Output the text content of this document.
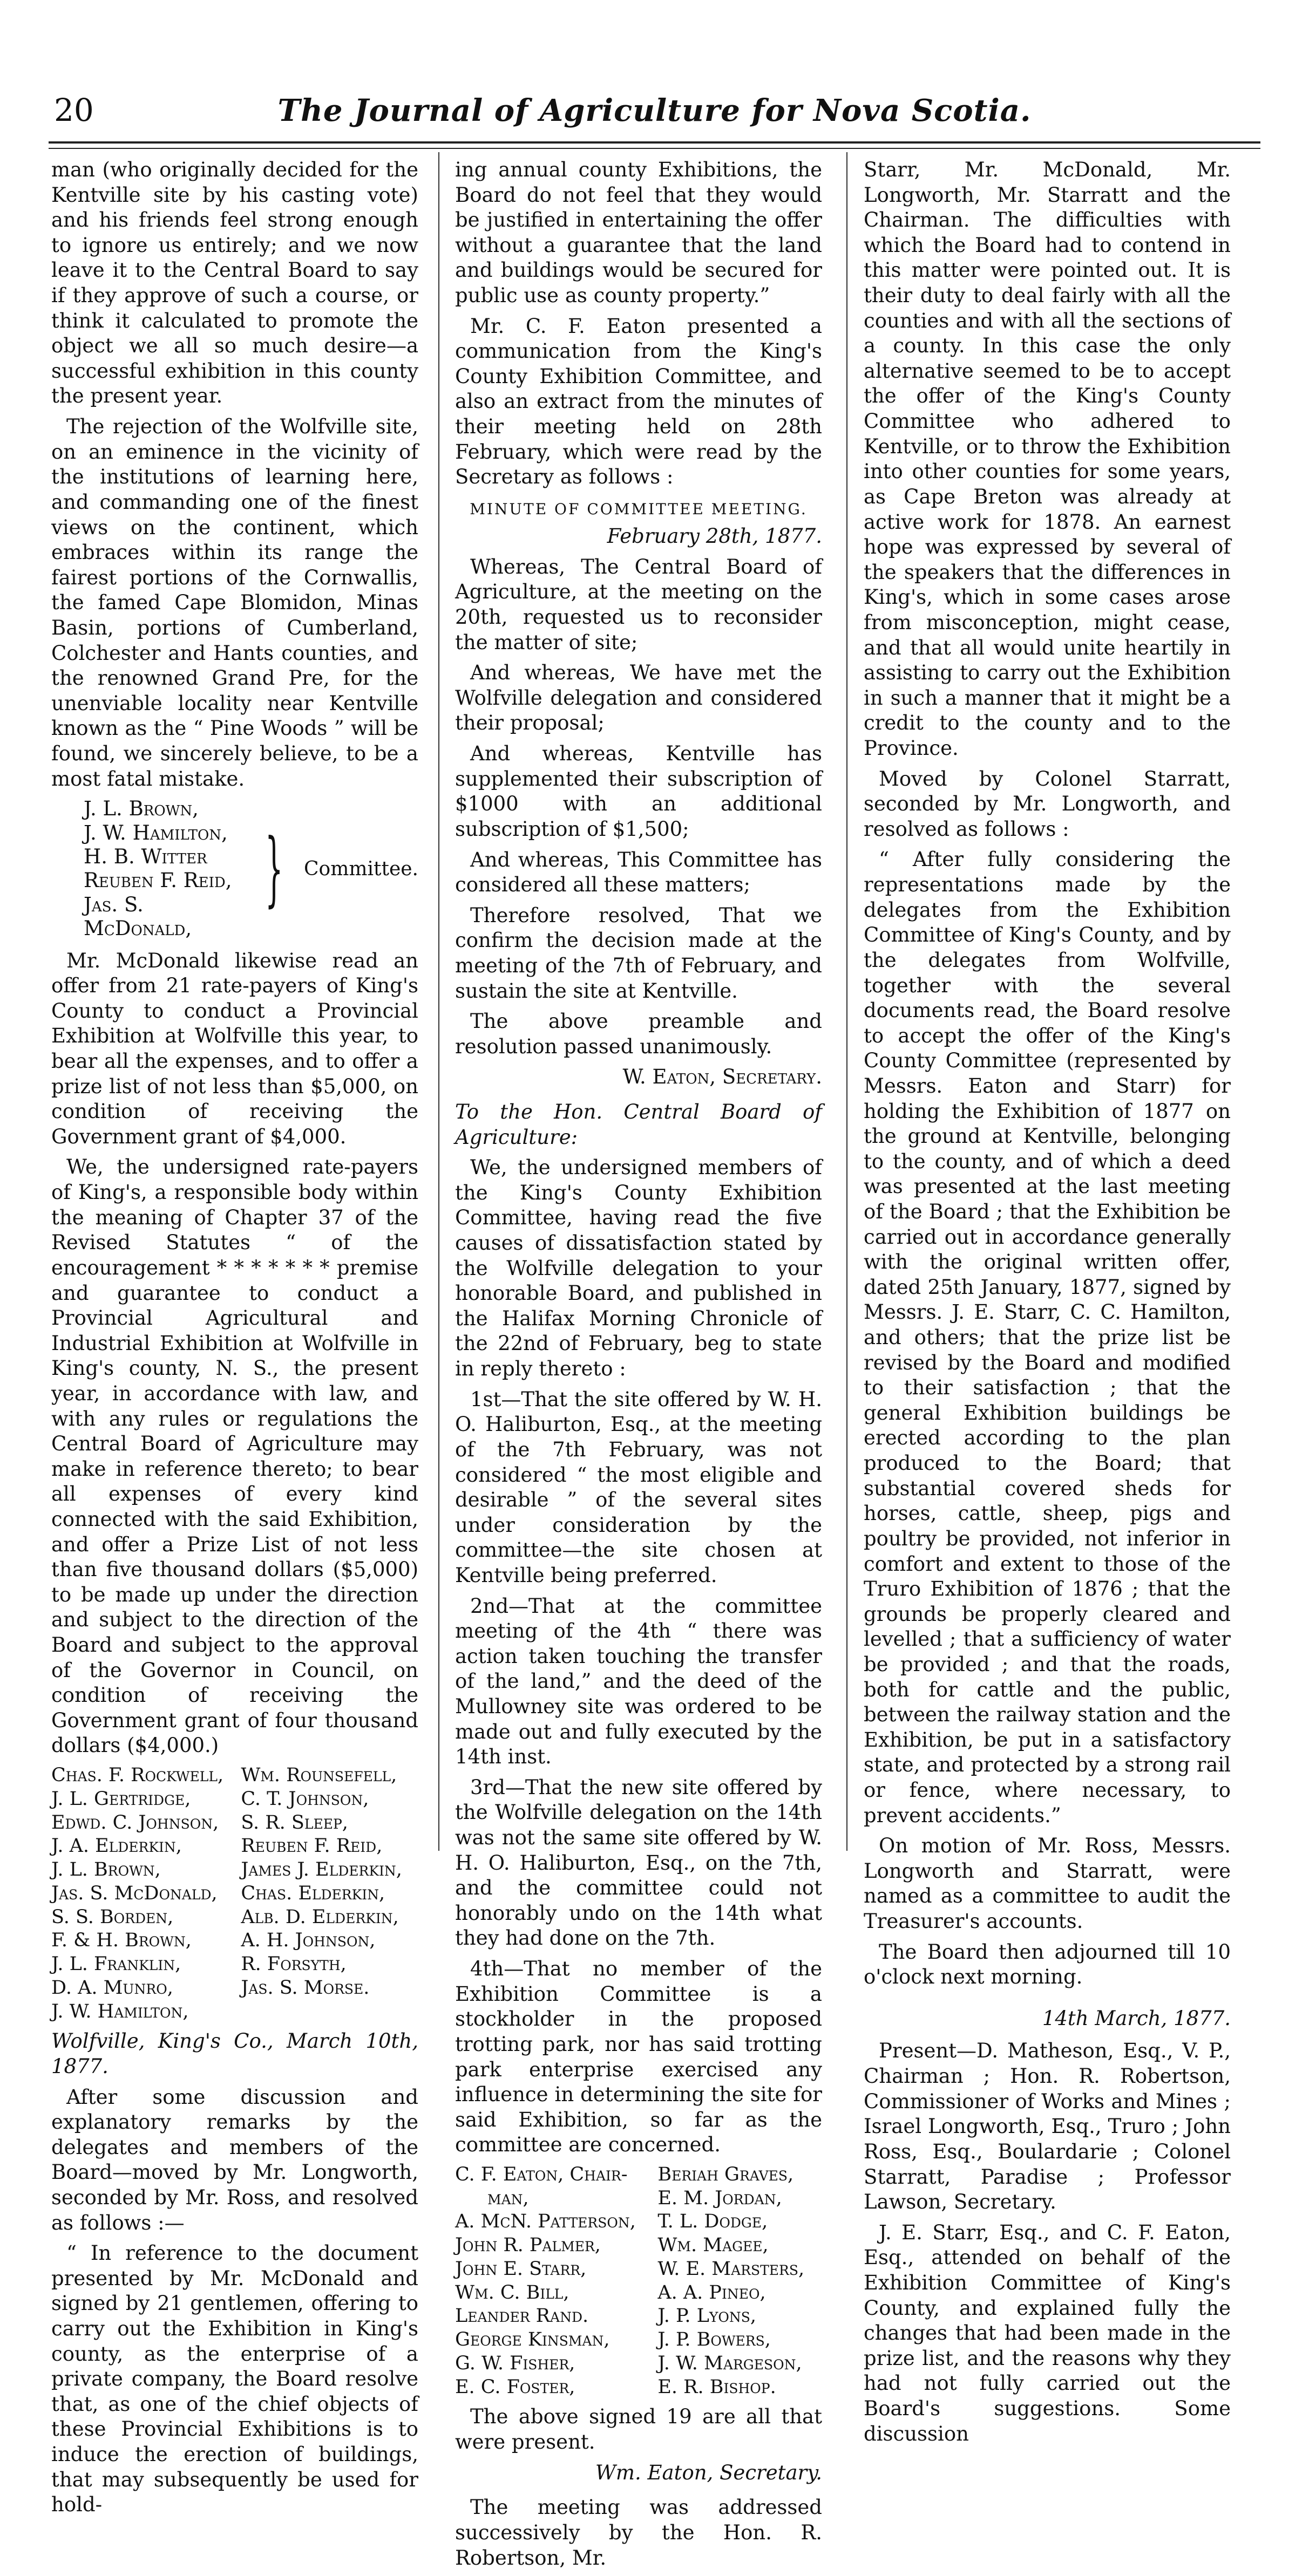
20	The Journal of Agriculture for Nova Scotia.

man (who originally decided for the Kentville site by his casting vote) and his friends feel strong enough to ignore us entirely; and we now leave it to the Central Board to say if they approve of such a course, or think it calculated to promote the object we all so much desire—a successful exhibition in this county the present year.

The rejection of the Wolfville site, on an eminence in the vicinity of the institutions of learning here, and commanding one of the finest views on the continent, which embraces within its range the fairest portions of the Cornwallis, the famed Cape Blomidon, Minas Basin, portions of Cumberland, Colchester and Hants counties, and the renowned Grand Pre, for the unenviable locality near Kentville known as the “ Pine Woods ” will be found, we sincerely believe, to be a most fatal mistake.

J. L. Brown,
J. W. Hamilton,
H. B. Witter
Reuben F. Reid,
Jas. S. McDonald,
} Committee.

Mr. McDonald likewise read an offer from 21 rate-payers of King's County to conduct a Provincial Exhibition at Wolfville this year, to bear all the expenses, and to offer a prize list of not less than $5,000, on condition of receiving the Government grant of $4,000.

We, the undersigned rate-payers of King's, a responsible body within the meaning of Chapter 37 of the Revised Statutes “ of the encouragement * * * * * * * premise and guarantee to conduct a Provincial Agricultural and Industrial Exhibition at Wolfville in King's county, N. S., the present year, in accordance with law, and with any rules or regulations the Central Board of Agriculture may make in reference thereto; to bear all expenses of every kind connected with the said Exhibition, and offer a Prize List of not less than five thousand dollars ($5,000) to be made up under the direction and subject to the direction of the Board and subject to the approval of the Governor in Council, on condition of receiving the Government grant of four thousand dollars ($4,000.)

Chas. F. Rockwell,	Wm. Rounsefell,
J. L. Gertridge,	C. T. Johnson,
Edwd. C. Johnson,	S. R. Sleep,
J. A. Elderkin,	Reuben F. Reid,
J. L. Brown,	James J. Elderkin,
Jas. S. McDonald,	Chas. Elderkin,
S. S. Borden,	Alb. D. Elderkin,
F. & H. Brown,	A. H. Johnson,
J. L. Franklin,	R. Forsyth,
D. A. Munro,	Jas. S. Morse.
J. W. Hamilton,	

Wolfville, King's Co., March 10th, 1877.

After some discussion and explanatory remarks by the delegates and members of the Board—moved by Mr. Longworth, seconded by Mr. Ross, and resolved as follows :—

“ In reference to the document presented by Mr. McDonald and signed by 21 gentlemen, offering to carry out the Exhibition in King's county, as the enterprise of a private company, the Board resolve that, as one of the chief objects of these Provincial Exhibitions is to induce the erection of buildings, that may subsequently be used for hold-

ing annual county Exhibitions, the Board do not feel that they would be justified in entertaining the offer without a guarantee that the land and buildings would be secured for public use as county property.”

Mr. C. F. Eaton presented a communication from the King's County Exhibition Committee, and also an extract from the minutes of their meeting held on 28th February, which were read by the Secretary as follows :

MINUTE OF COMMITTEE MEETING.

February 28th, 1877.

Whereas, The Central Board of Agriculture, at the meeting on the 20th, requested us to reconsider the matter of site;

And whereas, We have met the Wolfville delegation and considered their proposal;

And whereas, Kentville has supplemented their subscription of $1000 with an additional subscription of $1,500;

And whereas, This Committee has considered all these matters;

Therefore resolved, That we confirm the decision made at the meeting of the 7th of February, and sustain the site at Kentville.

The above preamble and resolution passed unanimously.

W. Eaton, Secretary.

To the Hon. Central Board of Agriculture:

We, the undersigned members of the King's County Exhibition Committee, having read the five causes of dissatisfaction stated by the Wolfville delegation to your honorable Board, and published in the Halifax Morning Chronicle of the 22nd of February, beg to state in reply thereto :

1st—That the site offered by W. H. O. Haliburton, Esq., at the meeting of the 7th February, was not considered “ the most eligible and desirable ” of the several sites under consideration by the committee—the site chosen at Kentville being preferred.

2nd—That at the committee meeting of the 4th “ there was action taken touching the transfer of the land,” and the deed of the Mullowney site was ordered to be made out and fully executed by the 14th inst.

3rd—That the new site offered by the Wolfville delegation on the 14th was not the same site offered by W. H. O. Haliburton, Esq., on the 7th, and the committee could not honorably undo on the 14th what they had done on the 7th.

4th—That no member of the Exhibition Committee is a stockholder in the proposed trotting park, nor has said trotting park enterprise exercised any influence in determining the site for said Exhibition, so far as the committee are concerned.

C. F. Eaton, Chair-	Beriah Graves,
man,	E. M. Jordan,
A. McN. Patterson,	T. L. Dodge,
John R. Palmer,	Wm. Magee,
John E. Starr,	W. E. Marsters,
Wm. C. Bill,	A. A. Pineo,
Leander Rand.	J. P. Lyons,
George Kinsman,	J. P. Bowers,
G. W. Fisher,	J. W. Margeson,
E. C. Foster,	E. R. Bishop.

The above signed 19 are all that were present.

Wm. Eaton, Secretary.

The meeting was addressed successively by the Hon. R. Robertson, Mr.

Starr, Mr. McDonald, Mr. Longworth, Mr. Starratt and the Chairman. The difficulties with which the Board had to contend in this matter were pointed out. It is their duty to deal fairly with all the counties and with all the sections of a county. In this case the only alternative seemed to be to accept the offer of the King's County Committee who adhered to Kentville, or to throw the Exhibition into other counties for some years, as Cape Breton was already at active work for 1878. An earnest hope was expressed by several of the speakers that the differences in King's, which in some cases arose from misconception, might cease, and that all would unite heartily in assisting to carry out the Exhibition in such a manner that it might be a credit to the county and to the Province.

Moved by Colonel Starratt, seconded by Mr. Longworth, and resolved as follows :

“ After fully considering the representations made by the delegates from the Exhibition Committee of King's County, and by the delegates from Wolfville, together with the several documents read, the Board resolve to accept the offer of the King's County Committee (represented by Messrs. Eaton and Starr) for holding the Exhibition of 1877 on the ground at Kentville, belonging to the county, and of which a deed was presented at the last meeting of the Board ; that the Exhibition be carried out in accordance generally with the original written offer, dated 25th January, 1877, signed by Messrs. J. E. Starr, C. C. Hamilton, and others; that the prize list be revised by the Board and modified to their satisfaction ; that the general Exhibition buildings be erected according to the plan produced to the Board; that substantial covered sheds for horses, cattle, sheep, pigs and poultry be provided, not inferior in comfort and extent to those of the Truro Exhibition of 1876 ; that the grounds be properly cleared and levelled ; that a sufficiency of water be provided ; and that the roads, both for cattle and the public, between the railway station and the Exhibition, be put in a satisfactory state, and protected by a strong rail or fence, where necessary, to prevent accidents.”

On motion of Mr. Ross, Messrs. Longworth and Starratt, were named as a committee to audit the Treasurer's accounts.

The Board then adjourned till 10 o'clock next morning.

14th March, 1877.

Present—D. Matheson, Esq., V. P., Chairman ; Hon. R. Robertson, Commissioner of Works and Mines ; Israel Longworth, Esq., Truro ; John Ross, Esq., Boulardarie ; Colonel Starratt, Paradise ; Professor Lawson, Secretary.

J. E. Starr, Esq., and C. F. Eaton, Esq., attended on behalf of the Exhibition Committee of King's County, and explained fully the changes that had been made in the prize list, and the reasons why they had not fully carried out the Board's suggestions. Some discussion
